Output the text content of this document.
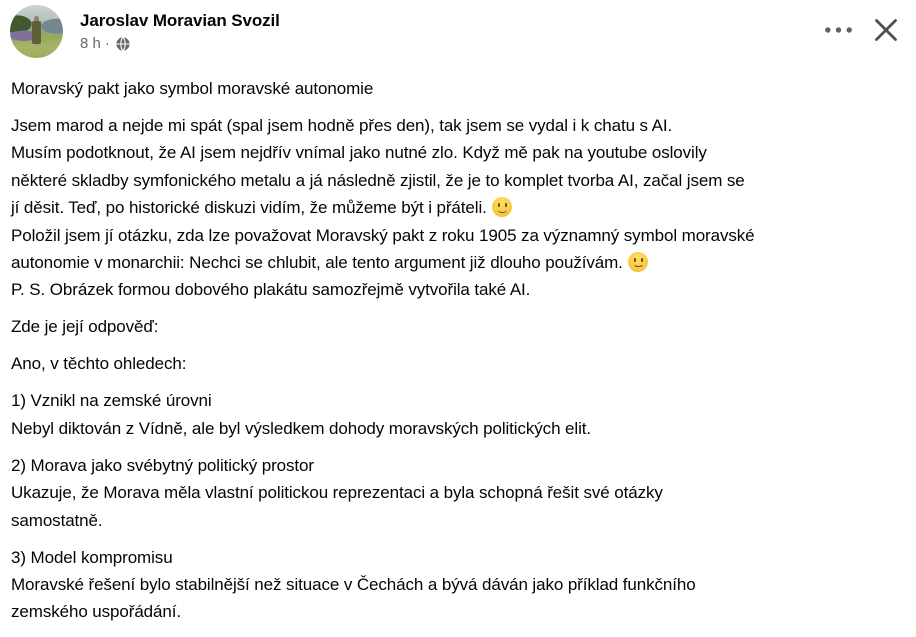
Jaroslav Moravian Svozil
8 h ·
Moravský pakt jako symbol moravské autonomie
Jsem marod a nejde mi spát (spal jsem hodně přes den), tak jsem se vydal i k chatu s AI.
Musím podotknout, že AI jsem nejdřív vnímal jako nutné zlo. Když mě pak na youtube oslovily
některé skladby symfonického metalu a já následně zjistil, že je to komplet tvorba AI, začal jsem se
jí děsit. Teď, po historické diskuzi vidím, že můžeme být i přáteli.
Položil jsem jí otázku, zda lze považovat Moravský pakt z roku 1905 za významný symbol moravské
autonomie v monarchii: Nechci se chlubit, ale tento argument již dlouho používám.
P. S. Obrázek formou dobového plakátu samozřejmě vytvořila také AI.
Zde je její odpověď:
Ano, v těchto ohledech:
1) Vznikl na zemské úrovni
Nebyl diktován z Vídně, ale byl výsledkem dohody moravských politických elit.
2) Morava jako svébytný politický prostor
Ukazuje, že Morava měla vlastní politickou reprezentaci a byla schopná řešit své otázky
samostatně.
3) Model kompromisu
Moravské řešení bylo stabilnější než situace v Čechách a bývá dáván jako příklad funkčního
zemského uspořádání.
